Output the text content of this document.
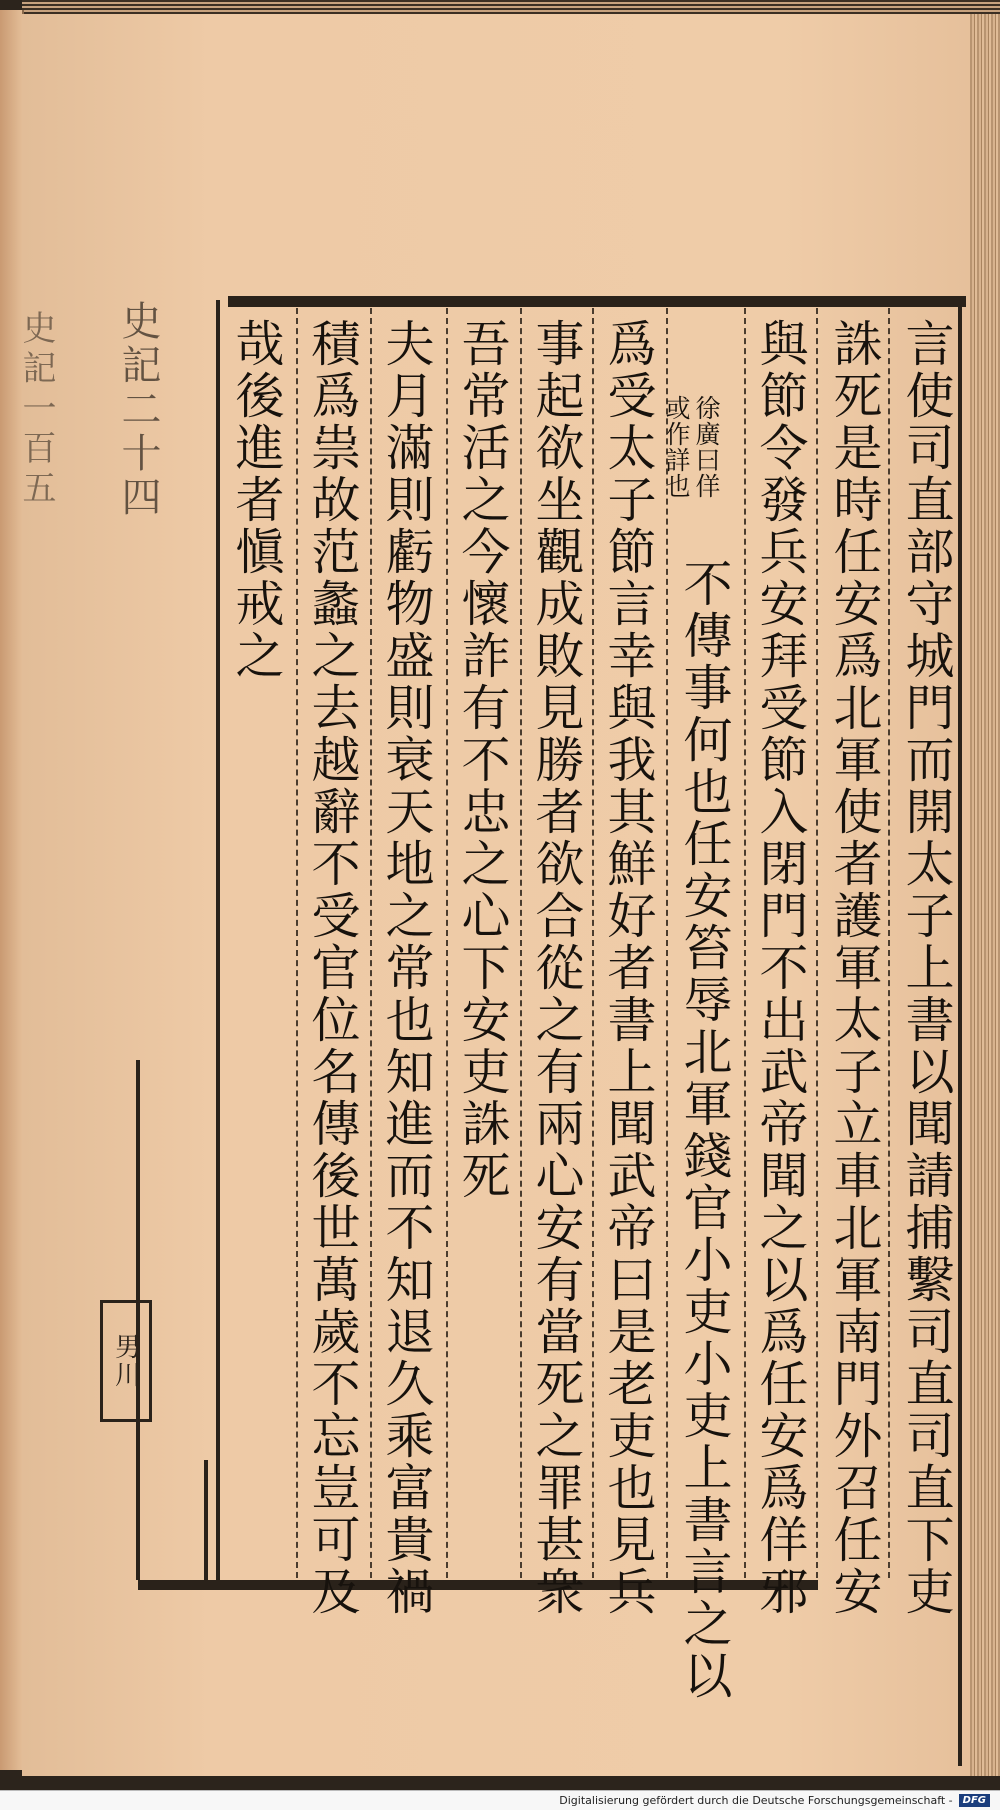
史記一百五 史記二十四
男川	言使司直部守城門而開太子上書以聞請捕繫司直司直下吏
誅死是時任安爲北軍使者護軍太子立車北軍南門外召任安
與節令發兵安拜受節入閉門不出武帝聞之以爲任安爲佯邪
徐廣曰佯
或作詳也
不傳事何也任安笞辱北軍錢官小吏小吏上書言之以
爲受太子節言幸與我其鮮好者書上聞武帝曰是老吏也見兵
事起欲坐觀成敗見勝者欲合從之有兩心安有當死之罪甚衆
吾常活之今懷詐有不忠之心下安吏誅死
夫月滿則虧物盛則衰天地之常也知進而不知退久乘富貴禍
積爲祟故范蠡之去越辭不受官位名傳後世萬歲不忘豈可及
哉後進者愼戒之
Digitalisierung gefördert durch die Deutsche Forschungsgemeinschaft -	DFG
